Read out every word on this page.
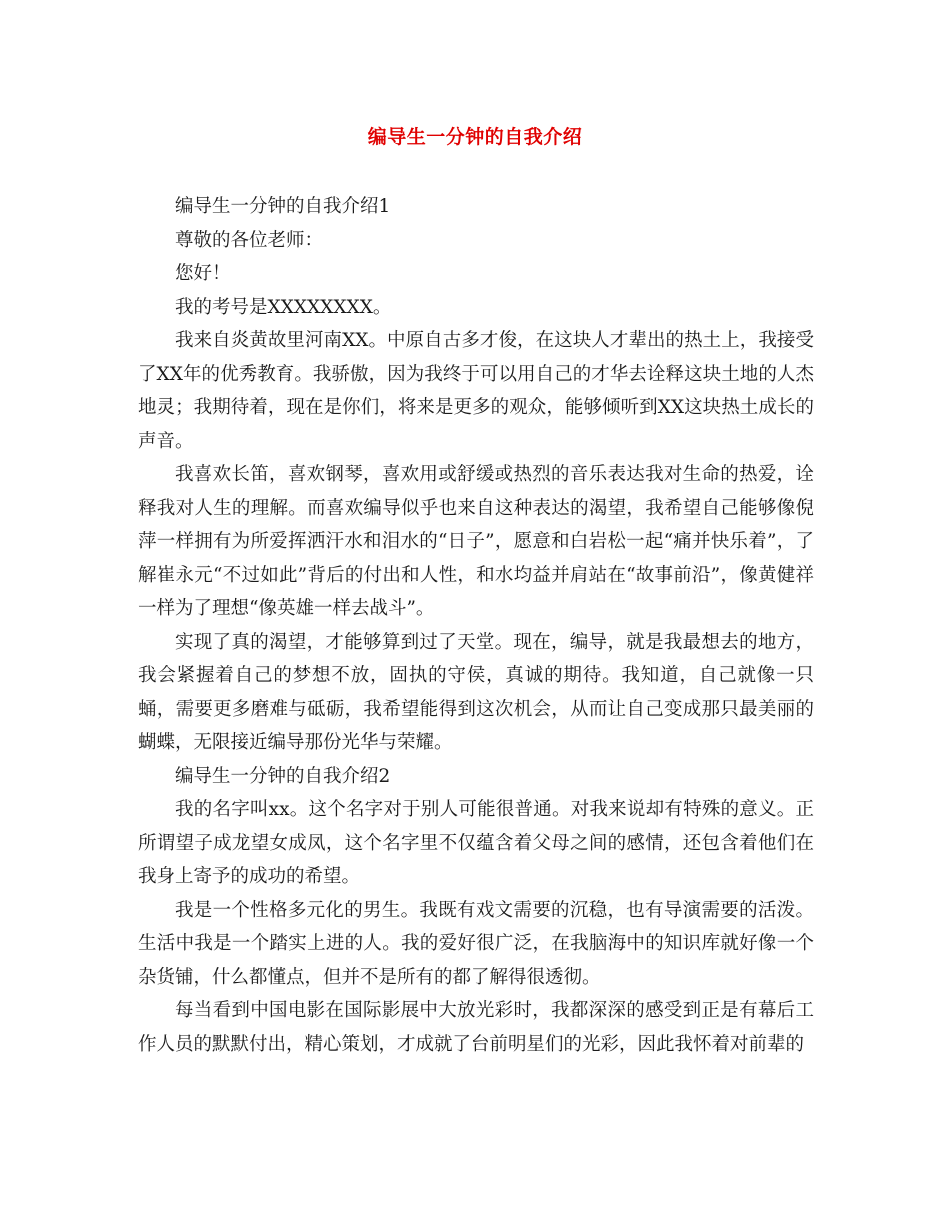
编导生一分钟的自我介绍

编导生一分钟的自我介绍1

尊敬的各位老师：

您好！

我的考号是XXXXXXXX。

我来自炎黄故里河南XX。中原自古多才俊，在这块人才辈出的热土上，我接受了XX年的优秀教育。我骄傲，因为我终于可以用自己的才华去诠释这块土地的人杰地灵；我期待着，现在是你们，将来是更多的观众，能够倾听到XX这块热土成长的声音。

我喜欢长笛，喜欢钢琴，喜欢用或舒缓或热烈的音乐表达我对生命的热爱，诠释我对人生的理解。而喜欢编导似乎也来自这种表达的渴望，我希望自己能够像倪萍一样拥有为所爱挥洒汗水和泪水的“日子”，愿意和白岩松一起“痛并快乐着”，了解崔永元“不过如此”背后的付出和人性，和水均益并肩站在“故事前沿”，像黄健祥一样为了理想“像英雄一样去战斗”。

实现了真的渴望，才能够算到过了天堂。现在，编导，就是我最想去的地方，我会紧握着自己的梦想不放，固执的守侯，真诚的期待。我知道，自己就像一只蛹，需要更多磨难与砥砺，我希望能得到这次机会，从而让自己变成那只最美丽的蝴蝶，无限接近编导那份光华与荣耀。

编导生一分钟的自我介绍2

我的名字叫xx。这个名字对于别人可能很普通。对我来说却有特殊的意义。正所谓望子成龙望女成凤，这个名字里不仅蕴含着父母之间的感情，还包含着他们在我身上寄予的成功的希望。

我是一个性格多元化的男生。我既有戏文需要的沉稳，也有导演需要的活泼。生活中我是一个踏实上进的人。我的爱好很广泛，在我脑海中的知识库就好像一个杂货铺，什么都懂点，但并不是所有的都了解得很透彻。

每当看到中国电影在国际影展中大放光彩时，我都深深的感受到正是有幕后工作人员的默默付出，精心策划，才成就了台前明星们的光彩，因此我怀着对前辈的
